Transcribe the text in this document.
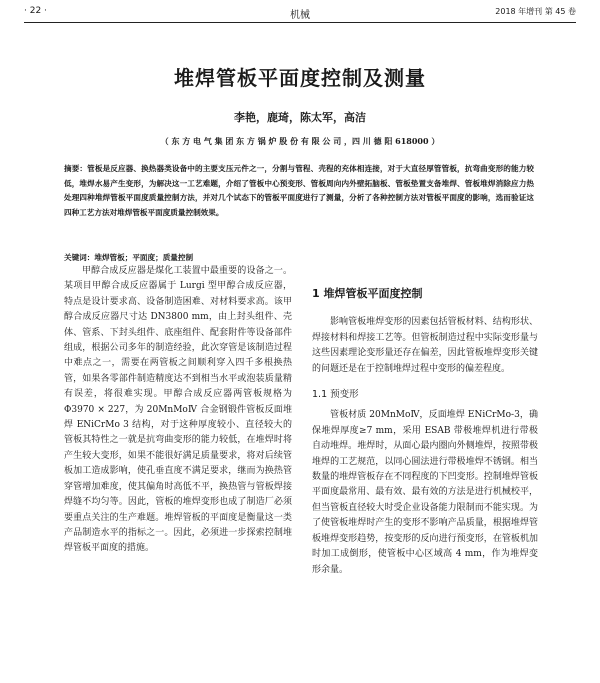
· 22 ·	机械	2018 年增刊 第 45 卷
堆焊管板平面度控制及测量
李艳，鹿琦，陈太军，高洁
（ 东 方 电 气 集 团 东 方 锅 炉 股 份 有 限 公 司 ，四 川 德 阳 618000 ）
摘要：管板是反应器、换热器类设备中的主要支压元件之一，分割与管程、壳程的充体相连接，对于大直径厚管管板，抗弯曲变形的能力较低，堆焊水易产生变形，为解决这一工艺难题，介绍了管板中心预变形、管板周向内外壁拓脑板、管板垫置支备堆焊、管板堆焊消除应力热处理四种堆焊管板平面度质量控制方法，并对几个试态下的管板平面度进行了测量，分析了各种控制方法对管板平面度的影响，选而验证这四种工艺方法对堆焊管板平面度质量控制效果。
关键词：堆焊管板；平面度；质量控制

甲醇合成反应器是煤化工装置中最重要的设备之一。某项目甲醇合成反应器属于 Lurgi 型甲醇合成反应器，特点是设计要求高、设备制造困难、对材料要求高。该甲醇合成反应器尺寸达 DN3800 mm，由上封头组件、壳体、管系、下封头组件、底座组件、配套附件等设备部件组成，根据公司多年的制造经验，此次穿管是该制造过程中难点之一，需要在两管板之间顺利穿入四千多根换热管，如果各零部件制造精度达不到相当水平或泡装质量精有误差，将很难实现。甲醇合成反应器两管板规格为 Φ3970 × 227，为 20MnMoⅣ 合金钢锻件管板反面堆焊 ENiCrMo 3 结构，对于这种厚度较小、直径较大的管板其特性之一就是抗弯曲变形的能力较低，在堆焊时将产生较大变形，如果不能很好满足质量要求，将对后续管板加工造成影响，使孔垂直度不满足要求，继而为换热管穿管增加难度，使其偏角时高低不平，换热管与管板焊接焊缝不均匀等。因此，管板的堆焊变形也成了制造厂必须要重点关注的生产难题。堆焊管板的平面度是衡量这一类产品制造水平的指标之一。因此，必须进一步探索控制堆焊管板平面度的措施。

1 堆焊管板平面度控制

影响管板堆焊变形的因素包括管板材料、结构形状、焊接材料和焊接工艺等。但管板制造过程中实际变形量与这些因素理论变形量还存在偏差，因此管板堆焊变形关键的问题还是在于控制堆焊过程中变形的偏差程度。

1.1 预变形

管板材质 20MnMoⅣ，反面堆焊 ENiCrMo-3，确保堆焊厚度≥7 mm，采用 ESAB 带极堆焊机进行带极自动堆焊。堆焊时，从面心最内圈向外侧堆焊，按照带极堆焊的工艺规范，以同心圆法进行带极堆焊不锈钢。相当数量的堆焊管板存在不同程度的下凹变形。控制堆焊管板平面度最常用、最有效、最有效的方法是进行机械校平，但当管板直径较大时受企业设备能力限制而不能实现。为了使管板堆焊时产生的变形不影响产品质量，根据堆焊管板堆焊变形趋势，按变形的反向进行预变形，在管板机加时加工成倒形，使管板中心区域高 4 mm，作为堆焊变形余量。
